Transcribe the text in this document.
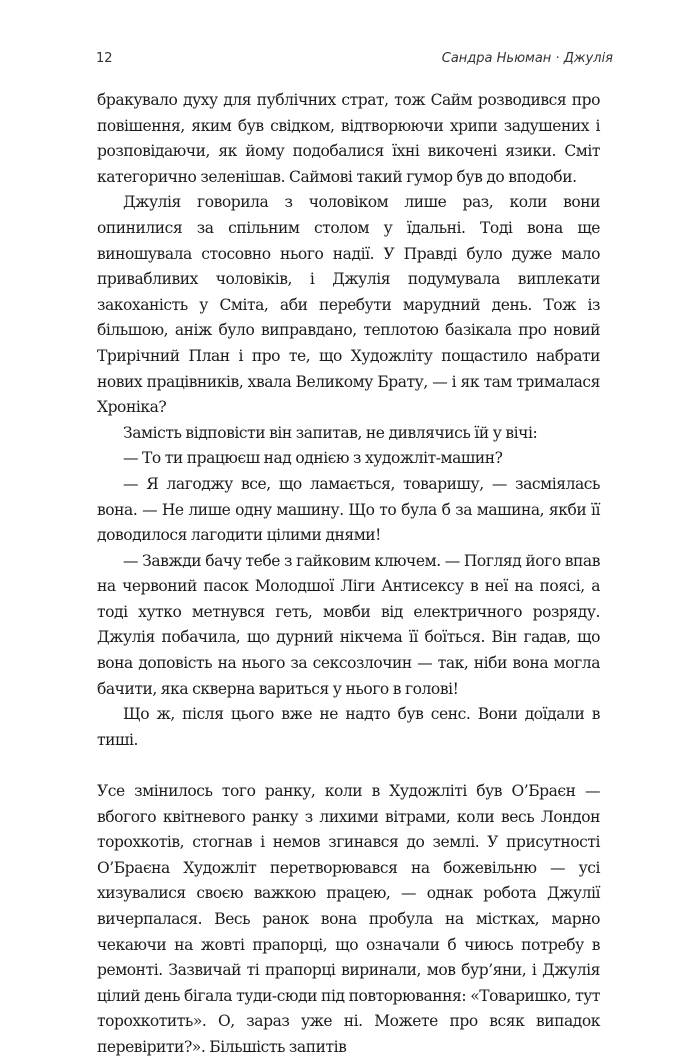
12	Сандра Ньюман · Джулія

бракувало духу для публічних страт, тож Сайм розводився про повішення, яким був свідком, відтворюючи хрипи задушених і розповідаючи, як йому подобалися їхні викочені язики. Сміт категорично зеленішав. Саймові такий гумор був до вподоби.

Джулія говорила з чоловіком лише раз, коли вони опинилися за спільним столом у їдальні. Тоді вона ще виношувала стосовно нього надії. У Правді було дуже мало привабливих чоловіків, і Джулія подумувала виплекати закоханість у Сміта, аби перебути марудний день. Тож із більшою, аніж було виправдано, теплотою базікала про новий Трирічний План і про те, що Художліту пощастило набрати нових працівників, хвала Великому Брату, — і як там трималася Хроніка?

Замість відповісти він запитав, не дивлячись їй у вічі:

— То ти працюєш над однією з художліт-машин?

— Я лагоджу все, що ламається, товаришу, — засміялась вона. — Не лише одну машину. Що то була б за машина, якби її доводилося лагодити цілими днями!

— Завжди бачу тебе з гайковим ключем. — Погляд його впав на червоний пасок Молодшої Ліги Антисексу в неї на поясі, а тоді хутко метнувся геть, мовби від електричного розряду. Джулія побачила, що дурний нікчема її боїться. Він гадав, що вона доповість на нього за сексозлочин — так, ніби вона могла бачити, яка скверна вариться у нього в голові!

Що ж, після цього вже не надто був сенс. Вони доїдали в тиші.

Усе змінилось того ранку, коли в Художліті був О’Браєн — вбогого квітневого ранку з лихими вітрами, коли весь Лондон торохкотів, стогнав і немов згинався до землі. У присутності О’Браєна Художліт перетворювався на божевільню — усі хизувалися своєю важкою працею, — однак робота Джулії вичерпалася. Весь ранок вона пробула на містках, марно чекаючи на жовті прапорці, що означали б чиюсь потребу в ремонті. Зазвичай ті прапорці виринали, мов бур’яни, і Джулія цілий день бігала туди-сюди під повторювання: «Товаришко, тут торохкотить». О, зараз уже ні. Можете про всяк випадок перевірити?». Більшість запитів
